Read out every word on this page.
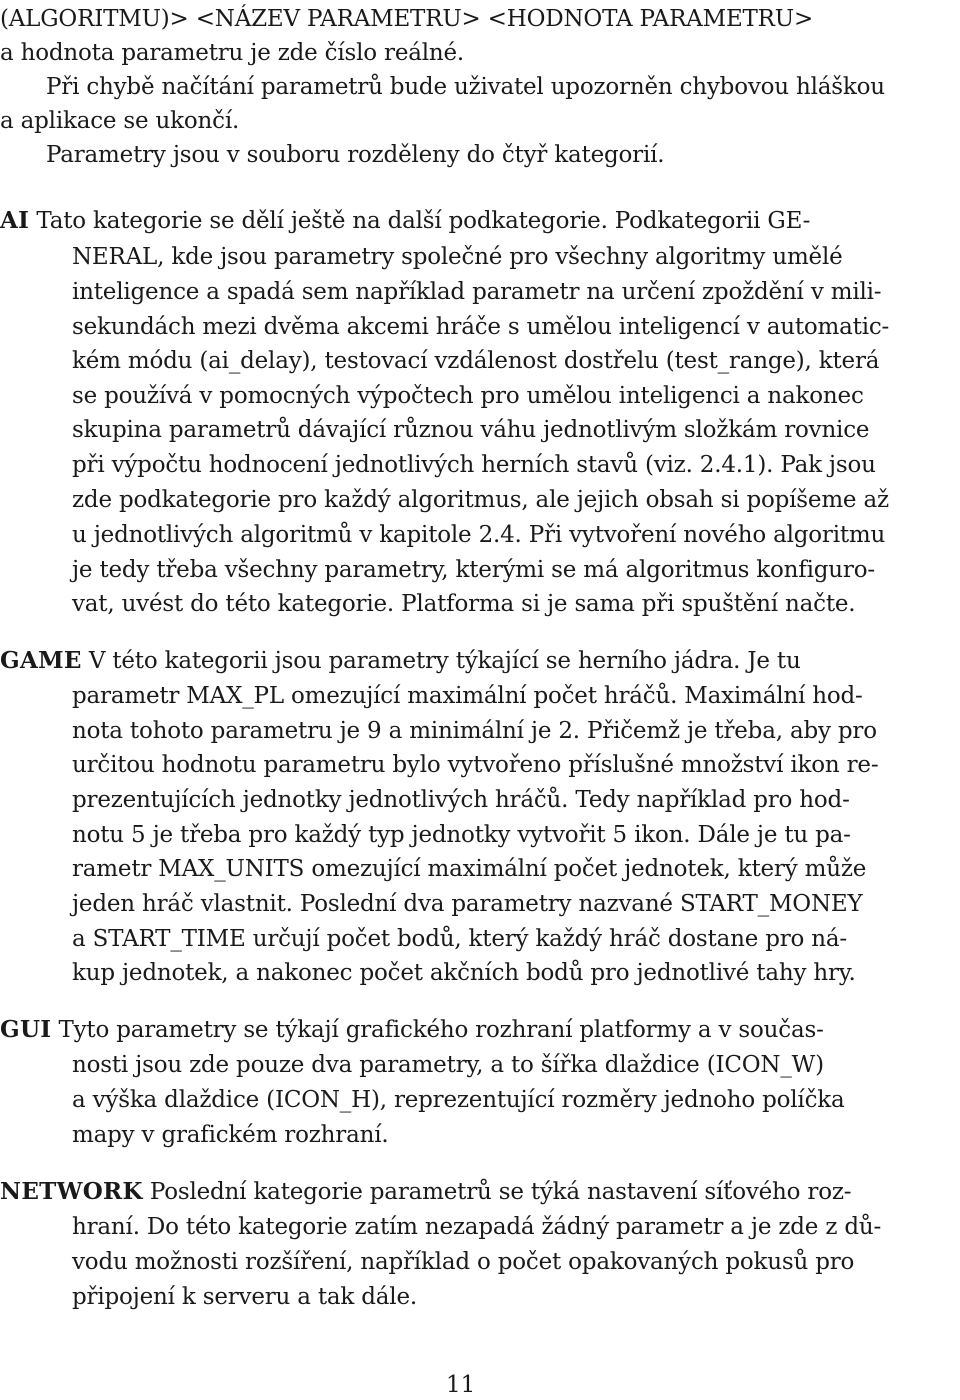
(ALGORITMU)> <NÁZEV PARAMETRU> <HODNOTA PARAMETRU>
a hodnota parametru je zde číslo reálné.
Při chybě načítání parametrů bude uživatel upozorněn chybovou hláškou
a aplikace se ukončí.
Parametry jsou v souboru rozděleny do čtyř kategorií.
AI Tato kategorie se dělí ještě na další podkategorie. Podkategorii GE-
NERAL, kde jsou parametry společné pro všechny algoritmy umělé
inteligence a spadá sem například parametr na určení zpoždění v mili-
sekundách mezi dvěma akcemi hráče s umělou inteligencí v automatic-
kém módu (ai_delay), testovací vzdálenost dostřelu (test_range), která
se používá v pomocných výpočtech pro umělou inteligenci a nakonec
skupina parametrů dávající různou váhu jednotlivým složkám rovnice
při výpočtu hodnocení jednotlivých herních stavů (viz. 2.4.1). Pak jsou
zde podkategorie pro každý algoritmus, ale jejich obsah si popíšeme až
u jednotlivých algoritmů v kapitole 2.4. Při vytvoření nového algoritmu
je tedy třeba všechny parametry, kterými se má algoritmus konfiguro-
vat, uvést do této kategorie. Platforma si je sama při spuštění načte.
GAME V této kategorii jsou parametry týkající se herního jádra. Je tu
parametr MAX_PL omezující maximální počet hráčů. Maximální hod-
nota tohoto parametru je 9 a minimální je 2. Přičemž je třeba, aby pro
určitou hodnotu parametru bylo vytvořeno příslušné množství ikon re-
prezentujících jednotky jednotlivých hráčů. Tedy například pro hod-
notu 5 je třeba pro každý typ jednotky vytvořit 5 ikon. Dále je tu pa-
rametr MAX_UNITS omezující maximální počet jednotek, který může
jeden hráč vlastnit. Poslední dva parametry nazvané START_MONEY
a START_TIME určují počet bodů, který každý hráč dostane pro ná-
kup jednotek, a nakonec počet akčních bodů pro jednotlivé tahy hry.
GUI Tyto parametry se týkají grafického rozhraní platformy a v součas-
nosti jsou zde pouze dva parametry, a to šířka dlaždice (ICON_W)
a výška dlaždice (ICON_H), reprezentující rozměry jednoho políčka
mapy v grafickém rozhraní.
NETWORK Poslední kategorie parametrů se týká nastavení síťového roz-
hraní. Do této kategorie zatím nezapadá žádný parametr a je zde z dů-
vodu možnosti rozšíření, například o počet opakovaných pokusů pro
připojení k serveru a tak dále.
11
